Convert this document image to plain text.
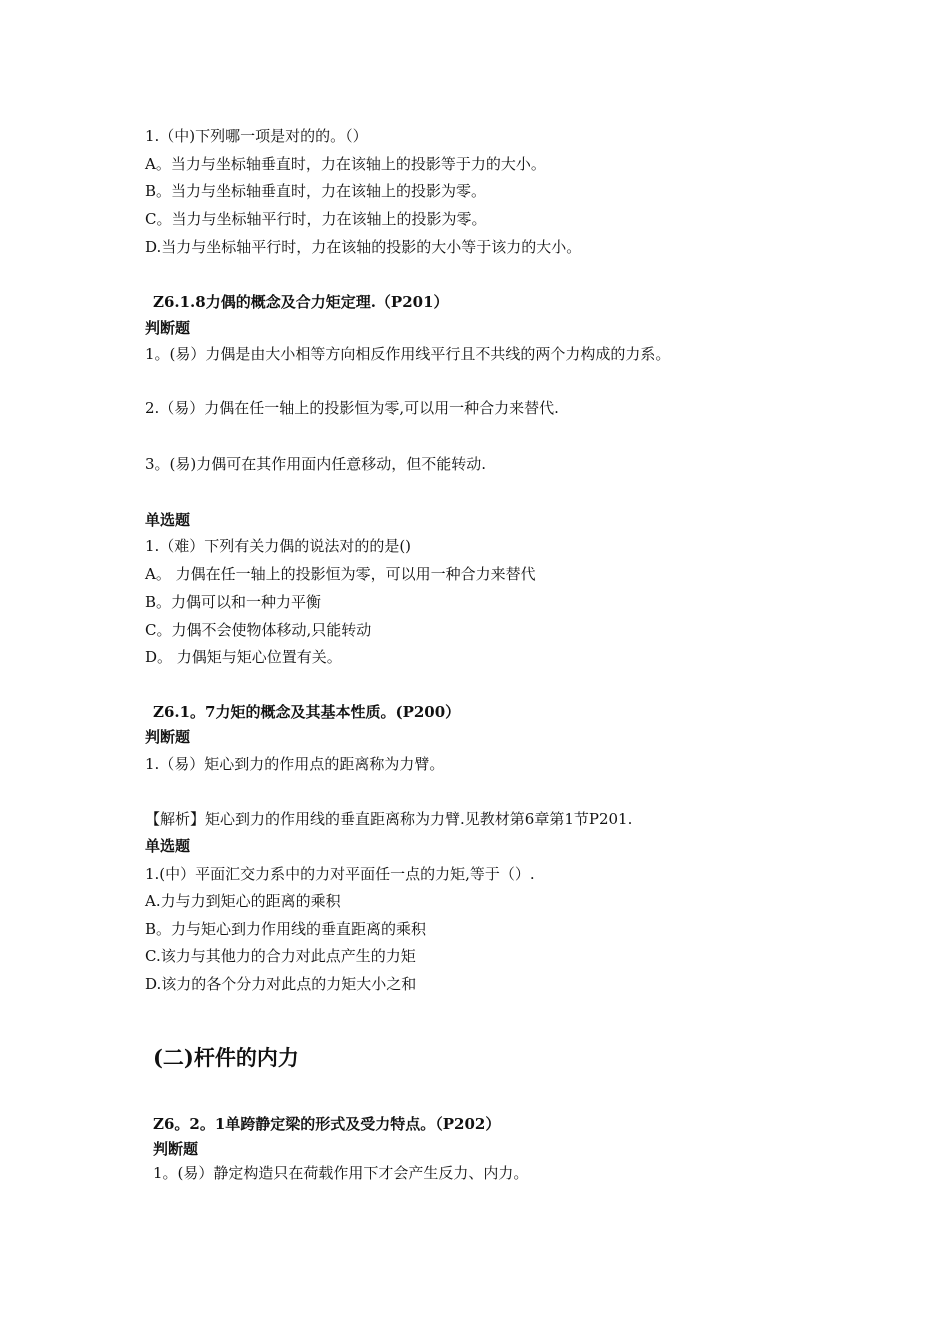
1.（中)下列哪一项是对的的。（）
A。当力与坐标轴垂直时，力在该轴上的投影等于力的大小。
B。当力与坐标轴垂直时，力在该轴上的投影为零。
C。当力与坐标轴平行时，力在该轴上的投影为零。
D.当力与坐标轴平行时，力在该轴的投影的大小等于该力的大小。
Z6.1.8力偶的概念及合力矩定理.（P201）
判断题
1。(易）力偶是由大小相等方向相反作用线平行且不共线的两个力构成的力系。
2.（易）力偶在任一轴上的投影恒为零,可以用一种合力来替代.
3。(易)力偶可在其作用面内任意移动，但不能转动.
单选题
1.（难）下列有关力偶的说法对的的是()
A。 力偶在任一轴上的投影恒为零，可以用一种合力来替代
B。力偶可以和一种力平衡
C。力偶不会使物体移动,只能转动
D。 力偶矩与矩心位置有关。
Z6.1。7力矩的概念及其基本性质。(P200）
判断题
1.（易）矩心到力的作用点的距离称为力臂。
【解析】矩心到力的作用线的垂直距离称为力臂.见教材第6章第1节P201.
单选题
1.(中）平面汇交力系中的力对平面任一点的力矩,等于（）.
A.力与力到矩心的距离的乘积
B。力与矩心到力作用线的垂直距离的乘积
C.该力与其他力的合力对此点产生的力矩
D.该力的各个分力对此点的力矩大小之和
(二)杆件的内力
Z6。2。1单跨静定梁的形式及受力特点。（P202）
判断题
1。(易）静定构造只在荷载作用下才会产生反力、内力。
